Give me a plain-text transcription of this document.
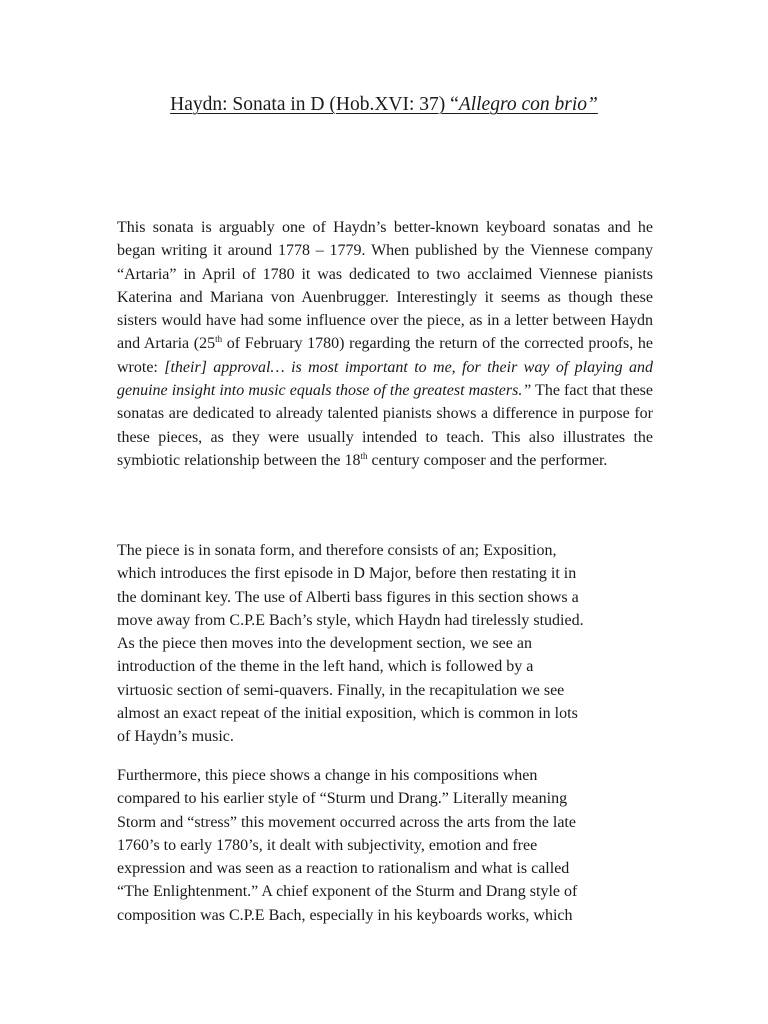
Haydn: Sonata in D (Hob.XVI: 37) “Allegro con brio”

This sonata is arguably one of Haydn’s better-known keyboard sonatas and he began writing it around 1778 – 1779. When published by the Viennese company “Artaria” in April of 1780 it was dedicated to two acclaimed Viennese pianists Katerina and Mariana von Auenbrugger. Interestingly it seems as though these sisters would have had some influence over the piece, as in a letter between Haydn and Artaria (25th of February 1780) regarding the return of the corrected proofs, he wrote: [their] approval… is most important to me, for their way of playing and genuine insight into music equals those of the greatest masters.” The fact that these sonatas are dedicated to already talented pianists shows a difference in purpose for these pieces, as they were usually intended to teach. This also illustrates the symbiotic relationship between the 18th century composer and the performer.

The piece is in sonata form, and therefore consists of an; Exposition,
which introduces the first episode in D Major, before then restating it in
the dominant key. The use of Alberti bass figures in this section shows a
move away from C.P.E Bach’s style, which Haydn had tirelessly studied.
As the piece then moves into the development section, we see an
introduction of the theme in the left hand, which is followed by a
virtuosic section of semi-quavers. Finally, in the recapitulation we see
almost an exact repeat of the initial exposition, which is common in lots
of Haydn’s music.

Furthermore, this piece shows a change in his compositions when
compared to his earlier style of “Sturm und Drang.” Literally meaning
Storm and “stress” this movement occurred across the arts from the late
1760’s to early 1780’s, it dealt with subjectivity, emotion and free
expression and was seen as a reaction to rationalism and what is called
“The Enlightenment.” A chief exponent of the Sturm and Drang style of
composition was C.P.E Bach, especially in his keyboards works, which
